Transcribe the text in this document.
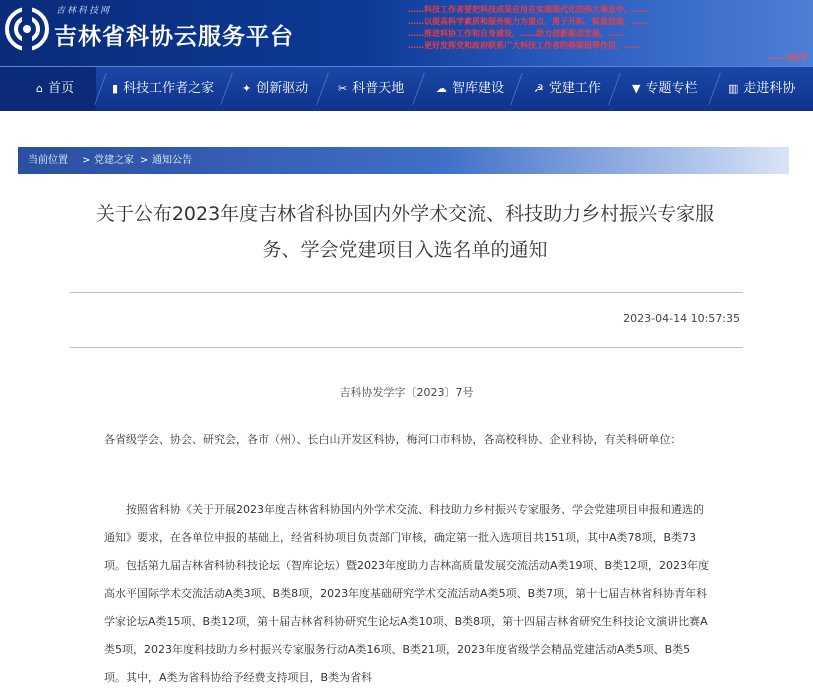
吉林科技网
吉林省科协云服务平台
……科技工作者要把科技成果应用在实现现代化的伟大事业中，……
……以提高科学素质和服务能力为重点，勇于开拓、锐意进取，……
……推进科协工作和自身建设，……助力创新驱动发展，……
……更好发挥党和政府联系广大科技工作者的桥梁纽带作用，……
——习近平
⌂ 首页	▮ 科技工作者之家	✦ 创新驱动	✂ 科普天地	☁ 智库建设	☭ 党建工作	▼ 专题专栏	▥ 走进科协
当前位置 > 党建之家 > 通知公告
关于公布2023年度吉林省科协国内外学术交流、科技助力乡村振兴专家服
务、学会党建项目入选名单的通知
2023-04-14 10:57:35
吉科协发学字〔2023〕7号
各省级学会、协会、研究会，各市（州）、长白山开发区科协，梅河口市科协，各高校科协、企业科协，有关科研单位：
按照省科协《关于开展2023年度吉林省科协国内外学术交流、科技助力乡村振兴专家服务、学会党建项目申报和遴选的通知》要求，在各单位申报的基础上，经省科协项目负责部门审核，确定第一批入选项目共151项，其中A类78项，B类73项。包括第九届吉林省科协科技论坛（智库论坛）暨2023年度助力吉林高质量发展交流活动A类19项、B类12项，2023年度高水平国际学术交流活动A类3项、B类8项，2023年度基础研究学术交流活动A类5项、B类7项，第十七届吉林省科协青年科学家论坛A类15项、B类12项，第十届吉林省科协研究生论坛A类10项、B类8项，第十四届吉林省研究生科技论文演讲比赛A类5项，2023年度科技助力乡村振兴专家服务行动A类16项、B类21项，2023年度省级学会精品党建活动A类5项、B类5项。其中，A类为省科协给予经费支持项目，B类为省科
